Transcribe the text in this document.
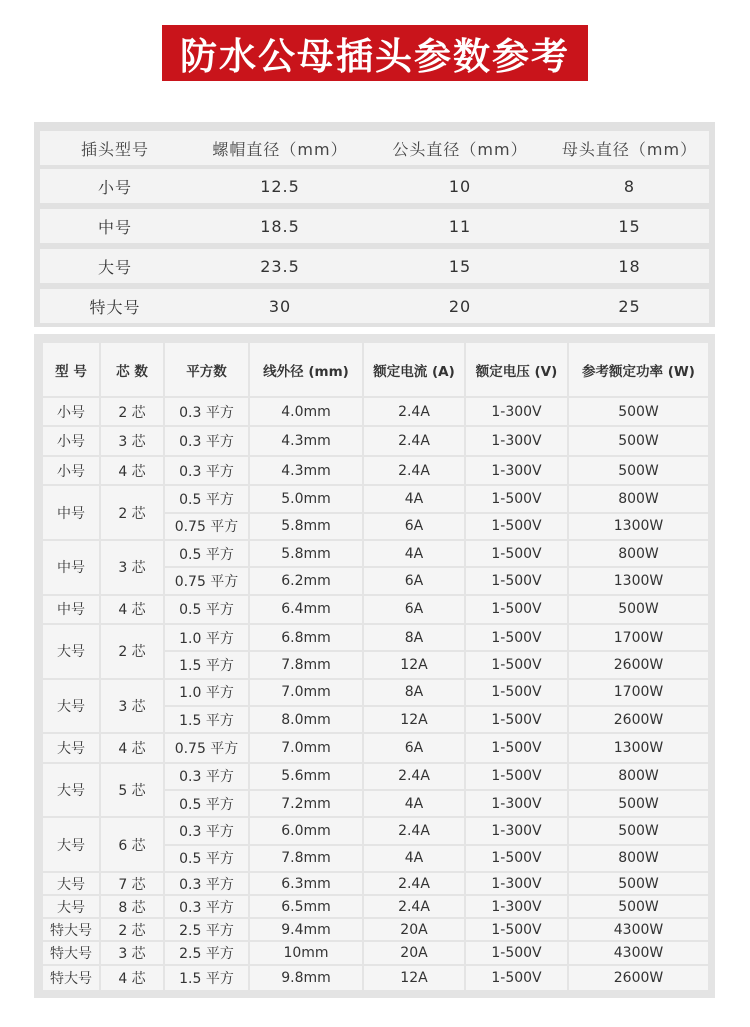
防水公母插头参数参考
插头型号	螺帽直径（mm）	公头直径（mm）	母头直径（mm）
小号	12.5	10	8
中号	18.5	11	15
大号	23.5	15	18
特大号	30	20	25
型 号	芯 数	平方数	线外径 (mm)	额定电流 (A)	额定电压 (V)	参考额定功率 (W)
小号	2 芯	0.3 平方	4.0mm	2.4A	1-300V	500W
小号	3 芯	0.3 平方	4.3mm	2.4A	1-300V	500W
小号	4 芯	0.3 平方	4.3mm	2.4A	1-300V	500W
中号	2 芯	0.5 平方	5.0mm	4A	1-500V	800W
		0.75 平方	5.8mm	6A	1-500V	1300W
中号	3 芯	0.5 平方	5.8mm	4A	1-500V	800W
		0.75 平方	6.2mm	6A	1-500V	1300W
中号	4 芯	0.5 平方	6.4mm	6A	1-500V	500W
大号	2 芯	1.0 平方	6.8mm	8A	1-500V	1700W
		1.5 平方	7.8mm	12A	1-500V	2600W
大号	3 芯	1.0 平方	7.0mm	8A	1-500V	1700W
		1.5 平方	8.0mm	12A	1-500V	2600W
大号	4 芯	0.75 平方	7.0mm	6A	1-500V	1300W
大号	5 芯	0.3 平方	5.6mm	2.4A	1-500V	800W
		0.5 平方	7.2mm	4A	1-300V	500W
大号	6 芯	0.3 平方	6.0mm	2.4A	1-300V	500W
		0.5 平方	7.8mm	4A	1-500V	800W
大号	7 芯	0.3 平方	6.3mm	2.4A	1-300V	500W
大号	8 芯	0.3 平方	6.5mm	2.4A	1-300V	500W
特大号	2 芯	2.5 平方	9.4mm	20A	1-500V	4300W
特大号	3 芯	2.5 平方	10mm	20A	1-500V	4300W
特大号	4 芯	1.5 平方	9.8mm	12A	1-500V	2600W
